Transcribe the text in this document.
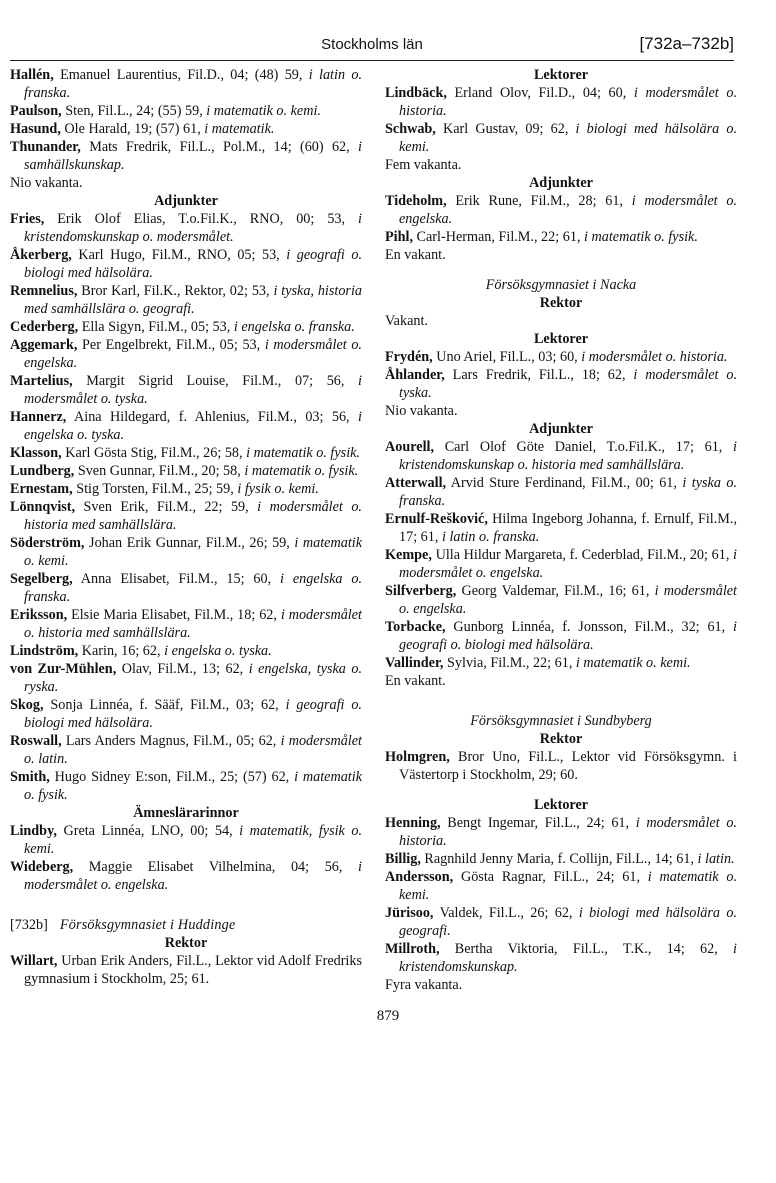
Stockholms län	[732a–732b]

Hallén, Emanuel Laurentius, Fil.D., 04; (48) 59, i latin o. franska.

Paulson, Sten, Fil.L., 24; (55) 59, i matematik o. kemi.

Hasund, Ole Harald, 19; (57) 61, i matematik.

Thunander, Mats Fredrik, Fil.L., Pol.M., 14; (60) 62, i samhällskunskap.

Nio vakanta.

Adjunkter

Fries, Erik Olof Elias, T.o.Fil.K., RNO, 00; 53, i kristendomskunskap o. modersmålet.

Åkerberg, Karl Hugo, Fil.M., RNO, 05; 53, i geografi o. biologi med hälsolära.

Remnelius, Bror Karl, Fil.K., Rektor, 02; 53, i tyska, historia med samhällslära o. geografi.

Cederberg, Ella Sigyn, Fil.M., 05; 53, i engelska o. franska.

Aggemark, Per Engelbrekt, Fil.M., 05; 53, i modersmålet o. engelska.

Martelius, Margit Sigrid Louise, Fil.M., 07; 56, i modersmålet o. tyska.

Hannerz, Aina Hildegard, f. Ahlenius, Fil.M., 03; 56, i engelska o. tyska.

Klasson, Karl Gösta Stig, Fil.M., 26; 58, i matematik o. fysik.

Lundberg, Sven Gunnar, Fil.M., 20; 58, i matematik o. fysik.

Ernestam, Stig Torsten, Fil.M., 25; 59, i fysik o. kemi.

Lönnqvist, Sven Erik, Fil.M., 22; 59, i modersmålet o. historia med samhällslära.

Söderström, Johan Erik Gunnar, Fil.M., 26; 59, i matematik o. kemi.

Segelberg, Anna Elisabet, Fil.M., 15; 60, i engelska o. franska.

Eriksson, Elsie Maria Elisabet, Fil.M., 18; 62, i modersmålet o. historia med samhällslära.

Lindström, Karin, 16; 62, i engelska o. tyska.

von Zur-Mühlen, Olav, Fil.M., 13; 62, i engelska, tyska o. ryska.

Skog, Sonja Linnéa, f. Sääf, Fil.M., 03; 62, i geografi o. biologi med hälsolära.

Roswall, Lars Anders Magnus, Fil.M., 05; 62, i modersmålet o. latin.

Smith, Hugo Sidney E:son, Fil.M., 25; (57) 62, i matematik o. fysik.

Ämneslärarinnor

Lindby, Greta Linnéa, LNO, 00; 54, i matematik, fysik o. kemi.

Wideberg, Maggie Elisabet Vilhelmina, 04; 56, i modersmålet o. engelska.

[732b] Försöksgymnasiet i Huddinge

Rektor

Willart, Urban Erik Anders, Fil.L., Lektor vid Adolf Fredriks gymnasium i Stockholm, 25; 61.

Lektorer

Lindbäck, Erland Olov, Fil.D., 04; 60, i modersmålet o. historia.

Schwab, Karl Gustav, 09; 62, i biologi med hälsolära o. kemi.

Fem vakanta.

Adjunkter

Tideholm, Erik Rune, Fil.M., 28; 61, i modersmålet o. engelska.

Pihl, Carl-Herman, Fil.M., 22; 61, i matematik o. fysik.

En vakant.

Försöksgymnasiet i Nacka

Rektor

Vakant.

Lektorer

Frydén, Uno Ariel, Fil.L., 03; 60, i modersmålet o. historia.

Åhlander, Lars Fredrik, Fil.L., 18; 62, i modersmålet o. tyska.

Nio vakanta.

Adjunkter

Aourell, Carl Olof Göte Daniel, T.o.Fil.K., 17; 61, i kristendomskunskap o. historia med samhällslära.

Atterwall, Arvid Sture Ferdinand, Fil.M., 00; 61, i tyska o. franska.

Ernulf-Rešković, Hilma Ingeborg Johanna, f. Ernulf, Fil.M., 17; 61, i latin o. franska.

Kempe, Ulla Hildur Margareta, f. Cederblad, Fil.M., 20; 61, i modersmålet o. engelska.

Silfverberg, Georg Valdemar, Fil.M., 16; 61, i modersmålet o. engelska.

Torbacke, Gunborg Linnéa, f. Jonsson, Fil.M., 32; 61, i geografi o. biologi med hälsolära.

Vallinder, Sylvia, Fil.M., 22; 61, i matematik o. kemi.

En vakant.

Försöksgymnasiet i Sundbyberg

Rektor

Holmgren, Bror Uno, Fil.L., Lektor vid Försöksgymn. i Västertorp i Stockholm, 29; 60.

Lektorer

Henning, Bengt Ingemar, Fil.L., 24; 61, i modersmålet o. historia.

Billig, Ragnhild Jenny Maria, f. Collijn, Fil.L., 14; 61, i latin.

Andersson, Gösta Ragnar, Fil.L., 24; 61, i matematik o. kemi.

Jürisoo, Valdek, Fil.L., 26; 62, i biologi med hälsolära o. geografi.

Millroth, Bertha Viktoria, Fil.L., T.K., 14; 62, i kristendomskunskap.

Fyra vakanta.

879
